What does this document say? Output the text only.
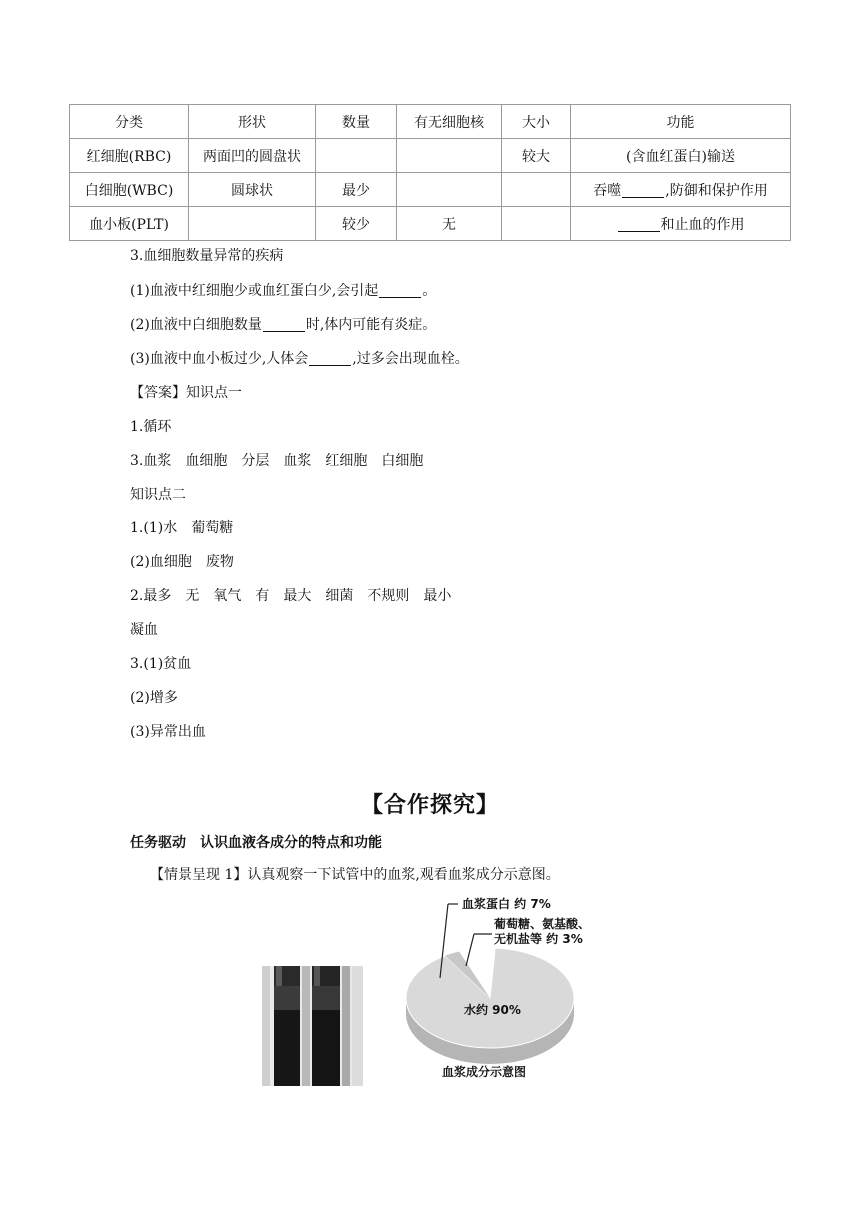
分类	形状	数量	有无细胞核	大小	功能
红细胞(RBC)	两面凹的圆盘状			较大	(含血红蛋白)输送
白细胞(WBC)	圆球状	最少			吞噬 ,防御和保护作用
血小板(PLT)		较少	无		和止血的作用
3.血细胞数量异常的疾病
(1)血液中红细胞少或血红蛋白少,会引起	。
(2)血液中白细胞数量	时,体内可能有炎症。
(3)血液中血小板过少,人体会	,过多会出现血栓。
【答案】知识点一
1.循环
3.血浆 血细胞 分层 血浆 红细胞 白细胞
知识点二
1.(1)水 葡萄糖
(2)血细胞 废物
2.最多 无 氧气 有 最大 细菌 不规则 最小
凝血
3.(1)贫血
(2)增多
(3)异常出血
【合作探究】
任务驱动　认识血液各成分的特点和功能
【情景呈现 1】认真观察一下试管中的血浆,观看血浆成分示意图。
血浆蛋白 约 7%
葡萄糖、氨基酸、
无机盐等 约 3%
水约 90%
血浆成分示意图
